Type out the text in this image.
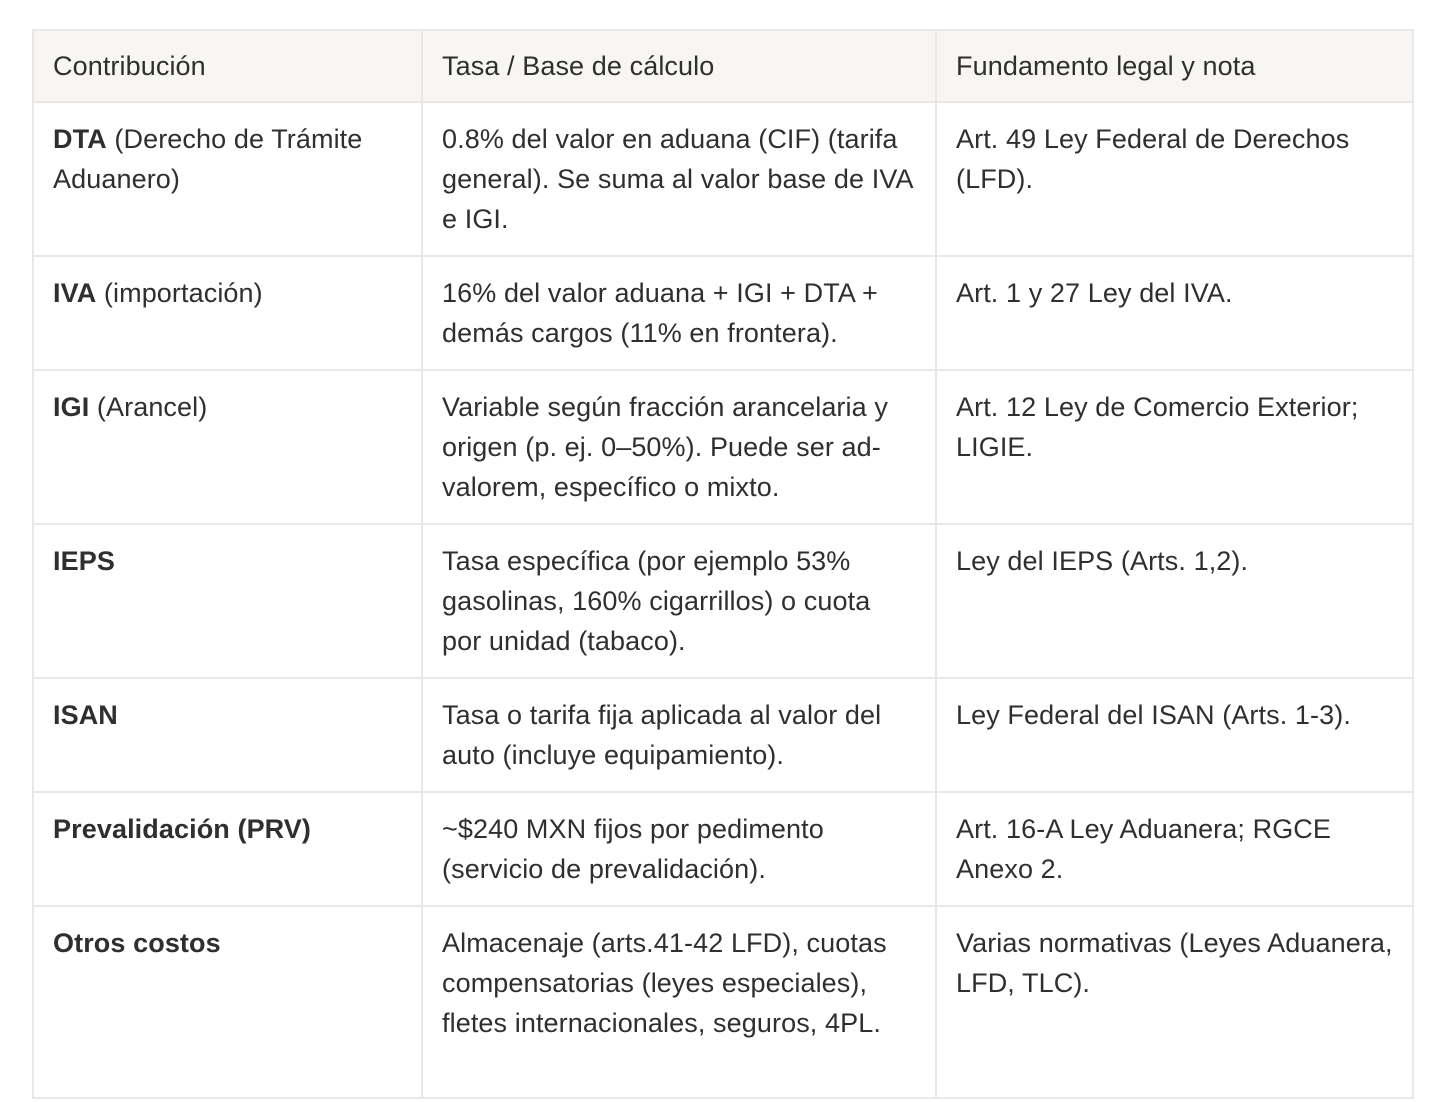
Contribución	Tasa / Base de cálculo	Fundamento legal y nota
DTA (Derecho de Trámite Aduanero)	0.8% del valor en aduana (CIF) (tarifa general). Se suma al valor base de IVA e IGI.	Art. 49 Ley Federal de Derechos (LFD).
IVA (importación)	16% del valor aduana + IGI + DTA + demás cargos (11% en frontera).	Art. 1 y 27 Ley del IVA.
IGI (Arancel)	Variable según fracción arancelaria y origen (p. ej. 0–50%). Puede ser ad-valorem, específico o mixto.	Art. 12 Ley de Comercio Exterior; LIGIE.
IEPS	Tasa específica (por ejemplo 53% gasolinas, 160% cigarrillos) o cuota por unidad (tabaco).	Ley del IEPS (Arts. 1,2).
ISAN	Tasa o tarifa fija aplicada al valor del auto (incluye equipamiento).	Ley Federal del ISAN (Arts. 1-3).
Prevalidación (PRV)	~$240 MXN fijos por pedimento (servicio de prevalidación).	Art. 16-A Ley Aduanera; RGCE Anexo 2.
Otros costos	Almacenaje (arts.41-42 LFD), cuotas compensatorias (leyes especiales), fletes internacionales, seguros, 4PL.	Varias normativas (Leyes Aduanera, LFD, TLC).
